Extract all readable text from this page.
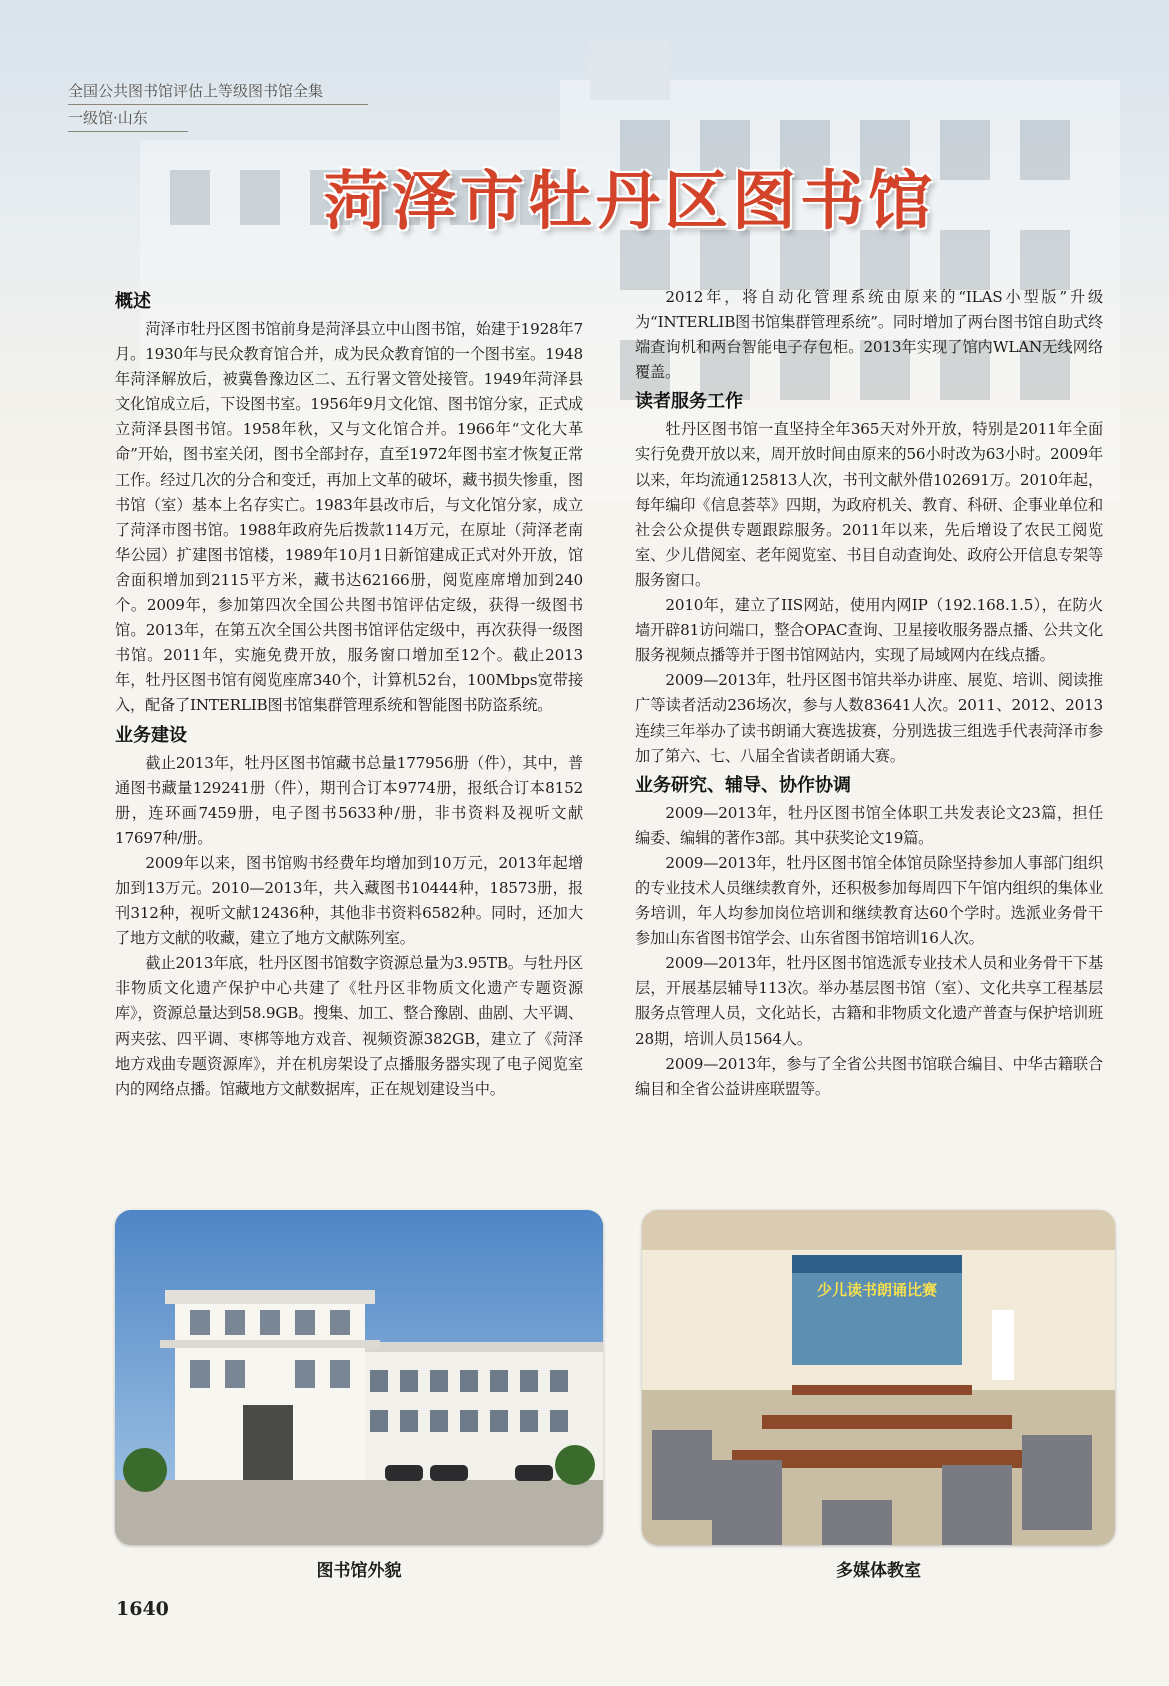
全国公共图书馆评估上等级图书馆全集
一级馆·山东
菏泽市牡丹区图书馆
概述

菏泽市牡丹区图书馆前身是菏泽县立中山图书馆，始建于1928年7月。1930年与民众教育馆合并，成为民众教育馆的一个图书室。1948年菏泽解放后，被冀鲁豫边区二、五行署文管处接管。1949年菏泽县文化馆成立后，下设图书室。1956年9月文化馆、图书馆分家，正式成立菏泽县图书馆。1958年秋，又与文化馆合并。1966年“文化大革命”开始，图书室关闭，图书全部封存，直至1972年图书室才恢复正常工作。经过几次的分合和变迁，再加上文革的破坏，藏书损失惨重，图书馆（室）基本上名存实亡。1983年县改市后，与文化馆分家，成立了菏泽市图书馆。1988年政府先后拨款114万元，在原址（菏泽老南华公园）扩建图书馆楼，1989年10月1日新馆建成正式对外开放，馆舍面积增加到2115平方米，藏书达62166册，阅览座席增加到240个。2009年，参加第四次全国公共图书馆评估定级，获得一级图书馆。2013年，在第五次全国公共图书馆评估定级中，再次获得一级图书馆。2011年，实施免费开放，服务窗口增加至12个。截止2013年，牡丹区图书馆有阅览座席340个，计算机52台，100Mbps宽带接入，配备了INTERLIB图书馆集群管理系统和智能图书防盗系统。

业务建设

截止2013年，牡丹区图书馆藏书总量177956册（件），其中，普通图书藏量129241册（件），期刊合订本9774册，报纸合订本8152册，连环画7459册，电子图书5633种/册，非书资料及视听文献17697种/册。

2009年以来，图书馆购书经费年均增加到10万元，2013年起增加到13万元。2010—2013年，共入藏图书10444种，18573册，报刊312种，视听文献12436种，其他非书资料6582种。同时，还加大了地方文献的收藏，建立了地方文献陈列室。

截止2013年底，牡丹区图书馆数字资源总量为3.95TB。与牡丹区非物质文化遗产保护中心共建了《牡丹区非物质文化遗产专题资源库》，资源总量达到58.9GB。搜集、加工、整合豫剧、曲剧、大平调、两夹弦、四平调、枣梆等地方戏音、视频资源382GB，建立了《菏泽地方戏曲专题资源库》，并在机房架设了点播服务器实现了电子阅览室内的网络点播。馆藏地方文献数据库，正在规划建设当中。

2012年，将自动化管理系统由原来的“ILAS小型版”升级为“INTERLIB图书馆集群管理系统”。同时增加了两台图书馆自助式终端查询机和两台智能电子存包柜。2013年实现了馆内WLAN无线网络覆盖。

读者服务工作

牡丹区图书馆一直坚持全年365天对外开放，特别是2011年全面实行免费开放以来，周开放时间由原来的56小时改为63小时。2009年以来，年均流通125813人次，书刊文献外借102691万。2010年起，每年编印《信息荟萃》四期，为政府机关、教育、科研、企事业单位和社会公众提供专题跟踪服务。2011年以来，先后增设了农民工阅览室、少儿借阅室、老年阅览室、书目自动查询处、政府公开信息专架等服务窗口。

2010年，建立了IIS网站，使用内网IP（192.168.1.5），在防火墙开辟81访问端口，整合OPAC查询、卫星接收服务器点播、公共文化服务视频点播等并于图书馆网站内，实现了局域网内在线点播。

2009—2013年，牡丹区图书馆共举办讲座、展览、培训、阅读推广等读者活动236场次，参与人数83641人次。2011、2012、2013连续三年举办了读书朗诵大赛选拔赛，分别选拔三组选手代表菏泽市参加了第六、七、八届全省读者朗诵大赛。

业务研究、辅导、协作协调

2009—2013年，牡丹区图书馆全体职工共发表论文23篇，担任编委、编辑的著作3部。其中获奖论文19篇。

2009—2013年，牡丹区图书馆全体馆员除坚持参加人事部门组织的专业技术人员继续教育外，还积极参加每周四下午馆内组织的集体业务培训，年人均参加岗位培训和继续教育达60个学时。选派业务骨干参加山东省图书馆学会、山东省图书馆培训16人次。

2009—2013年，牡丹区图书馆选派专业技术人员和业务骨干下基层，开展基层辅导113次。举办基层图书馆（室）、文化共享工程基层服务点管理人员，文化站长，古籍和非物质文化遗产普查与保护培训班28期，培训人员1564人。

2009—2013年，参与了全省公共图书馆联合编目、中华古籍联合编目和全省公益讲座联盟等。

少儿读书朗诵比赛
图书馆外貌	多媒体教室
1640
